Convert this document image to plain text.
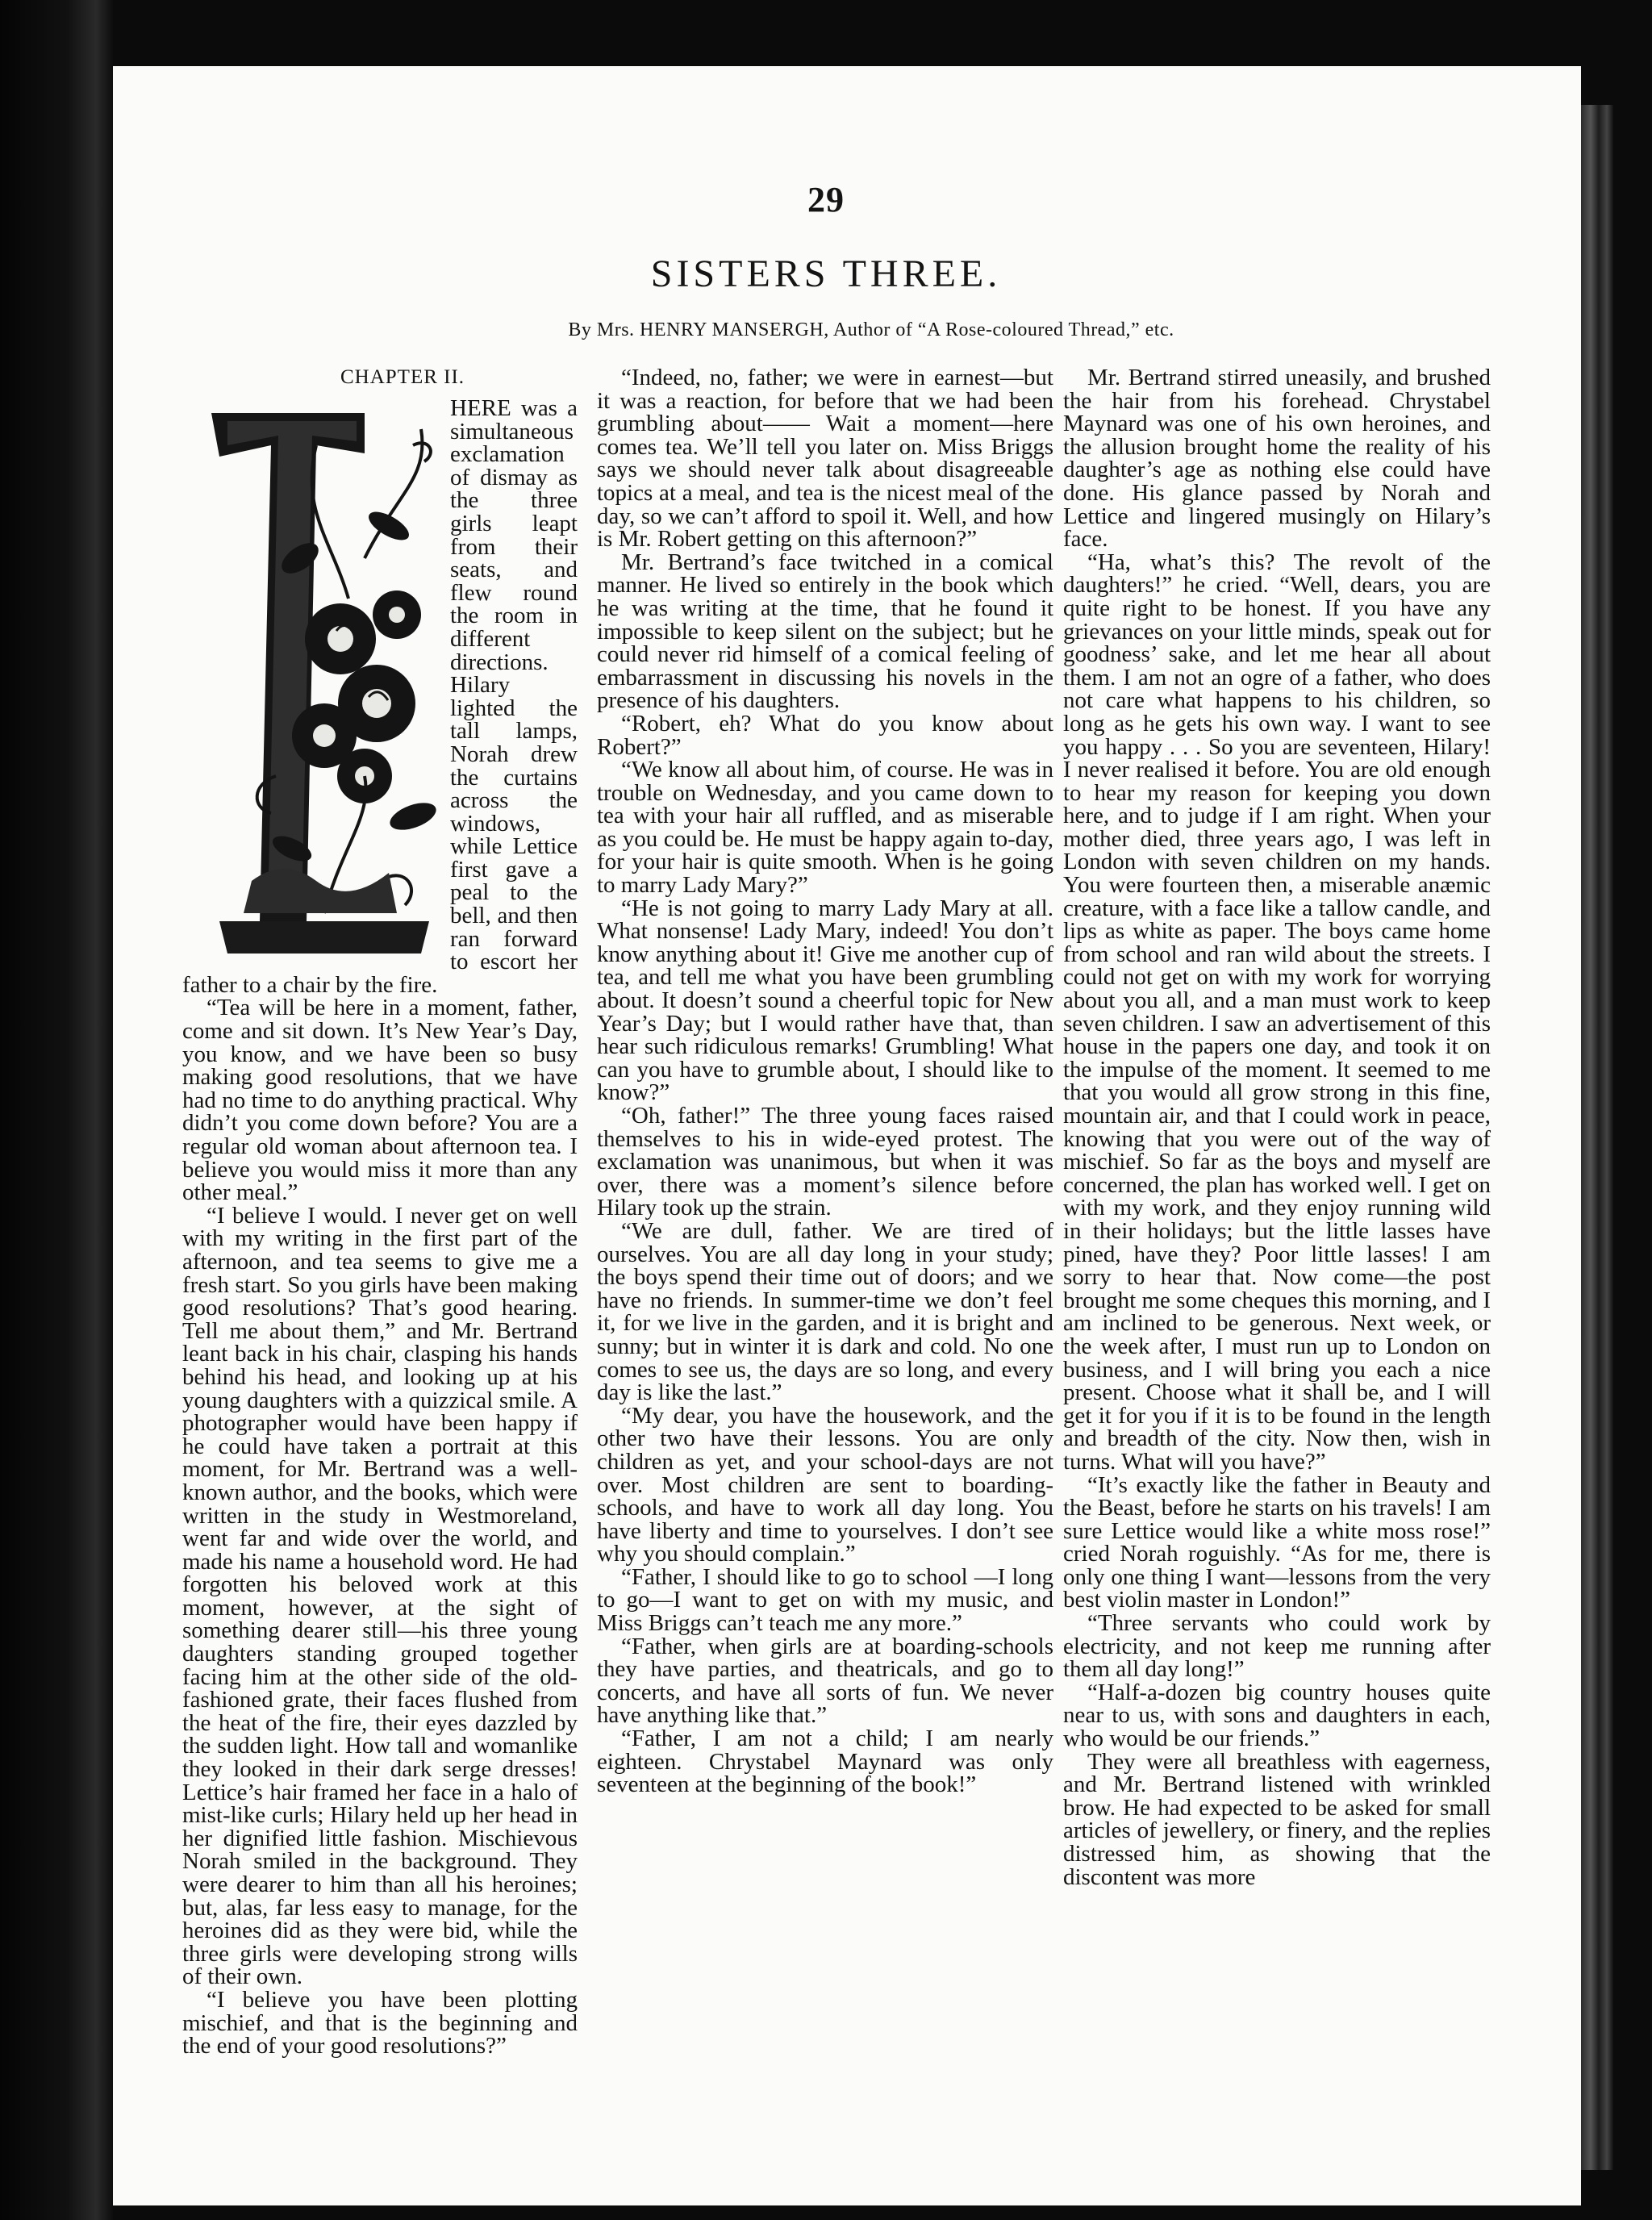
29
SISTERS THREE.
By Mrs. HENRY MANSERGH, Author of “A Rose-coloured Thread,” etc.
CHAPTER II.

HERE was a simultaneous exclamation of dismay as the three girls leapt from their seats, and flew round the room in different directions. Hilary lighted the tall lamps, Norah drew the curtains across the windows, while Lettice first gave a peal to the bell, and then ran forward to escort her father to a chair by the fire.

“Tea will be here in a moment, father, come and sit down. It’s New Year’s Day, you know, and we have been so busy making good resolutions, that we have had no time to do anything practical. Why didn’t you come down before? You are a regular old woman about afternoon tea. I believe you would miss it more than any other meal.”

“I believe I would. I never get on well with my writing in the first part of the afternoon, and tea seems to give me a fresh start. So you girls have been making good resolutions? That’s good hearing. Tell me about them,” and Mr. Bertrand leant back in his chair, clasping his hands behind his head, and looking up at his young daughters with a quizzical smile. A photographer would have been happy if he could have taken a portrait at this moment, for Mr. Bertrand was a well-known author, and the books, which were written in the study in Westmoreland, went far and wide over the world, and made his name a household word. He had forgotten his beloved work at this moment, however, at the sight of something dearer still—his three young daughters standing grouped together facing him at the other side of the old-fashioned grate, their faces flushed from the heat of the fire, their eyes dazzled by the sudden light. How tall and womanlike they looked in their dark serge dresses! Lettice’s hair framed her face in a halo of mist-like curls; Hilary held up her head in her dignified little fashion. Mischievous Norah smiled in the background. They were dearer to him than all his heroines; but, alas, far less easy to manage, for the heroines did as they were bid, while the three girls were developing strong wills of their own.

“I believe you have been plotting mischief, and that is the beginning and the end of your good resolutions?”

“Indeed, no, father; we were in earnest—but it was a reaction, for before that we had been grumbling about—— Wait a moment—here comes tea. We’ll tell you later on. Miss Briggs says we should never talk about disagreeable topics at a meal, and tea is the nicest meal of the day, so we can’t afford to spoil it. Well, and how is Mr. Robert getting on this afternoon?”

Mr. Bertrand’s face twitched in a comical manner. He lived so entirely in the book which he was writing at the time, that he found it impossible to keep silent on the subject; but he could never rid himself of a comical feeling of embarrassment in discussing his novels in the presence of his daughters.

“Robert, eh? What do you know about Robert?”

“We know all about him, of course. He was in trouble on Wednesday, and you came down to tea with your hair all ruffled, and as miserable as you could be. He must be happy again to-day, for your hair is quite smooth. When is he going to marry Lady Mary?”

“He is not going to marry Lady Mary at all. What nonsense! Lady Mary, indeed! You don’t know anything about it! Give me another cup of tea, and tell me what you have been grumbling about. It doesn’t sound a cheerful topic for New Year’s Day; but I would rather have that, than hear such ridiculous remarks! Grumbling! What can you have to grumble about, I should like to know?”

“Oh, father!” The three young faces raised themselves to his in wide-eyed protest. The exclamation was unanimous, but when it was over, there was a moment’s silence before Hilary took up the strain.

“We are dull, father. We are tired of ourselves. You are all day long in your study; the boys spend their time out of doors; and we have no friends. In summer-time we don’t feel it, for we live in the garden, and it is bright and sunny; but in winter it is dark and cold. No one comes to see us, the days are so long, and every day is like the last.”

“My dear, you have the housework, and the other two have their lessons. You are only children as yet, and your school-days are not over. Most children are sent to boarding-schools, and have to work all day long. You have liberty and time to yourselves. I don’t see why you should complain.”

“Father, I should like to go to school —I long to go—I want to get on with my music, and Miss Briggs can’t teach me any more.”

“Father, when girls are at boarding-schools they have parties, and theatricals, and go to concerts, and have all sorts of fun. We never have anything like that.”

“Father, I am not a child; I am nearly eighteen. Chrystabel Maynard was only seventeen at the beginning of the book!”

Mr. Bertrand stirred uneasily, and brushed the hair from his forehead. Chrystabel Maynard was one of his own heroines, and the allusion brought home the reality of his daughter’s age as nothing else could have done. His glance passed by Norah and Lettice and lingered musingly on Hilary’s face.

“Ha, what’s this? The revolt of the daughters!” he cried. “Well, dears, you are quite right to be honest. If you have any grievances on your little minds, speak out for goodness’ sake, and let me hear all about them. I am not an ogre of a father, who does not care what happens to his children, so long as he gets his own way. I want to see you happy . . . So you are seventeen, Hilary! I never realised it before. You are old enough to hear my reason for keeping you down here, and to judge if I am right. When your mother died, three years ago, I was left in London with seven children on my hands. You were fourteen then, a miserable anæmic creature, with a face like a tallow candle, and lips as white as paper. The boys came home from school and ran wild about the streets. I could not get on with my work for worrying about you all, and a man must work to keep seven children. I saw an advertisement of this house in the papers one day, and took it on the impulse of the moment. It seemed to me that you would all grow strong in this fine, mountain air, and that I could work in peace, knowing that you were out of the way of mischief. So far as the boys and myself are concerned, the plan has worked well. I get on with my work, and they enjoy running wild in their holidays; but the little lasses have pined, have they? Poor little lasses! I am sorry to hear that. Now come—the post brought me some cheques this morning, and I am inclined to be generous. Next week, or the week after, I must run up to London on business, and I will bring you each a nice present. Choose what it shall be, and I will get it for you if it is to be found in the length and breadth of the city. Now then, wish in turns. What will you have?”

“It’s exactly like the father in Beauty and the Beast, before he starts on his travels! I am sure Lettice would like a white moss rose!” cried Norah roguishly. “As for me, there is only one thing I want—lessons from the very best violin master in London!”

“Three servants who could work by electricity, and not keep me running after them all day long!”

“Half-a-dozen big country houses quite near to us, with sons and daughters in each, who would be our friends.”

They were all breathless with eagerness, and Mr. Bertrand listened with wrinkled brow. He had expected to be asked for small articles of jewellery, or finery, and the replies distressed him, as showing that the discontent was more
